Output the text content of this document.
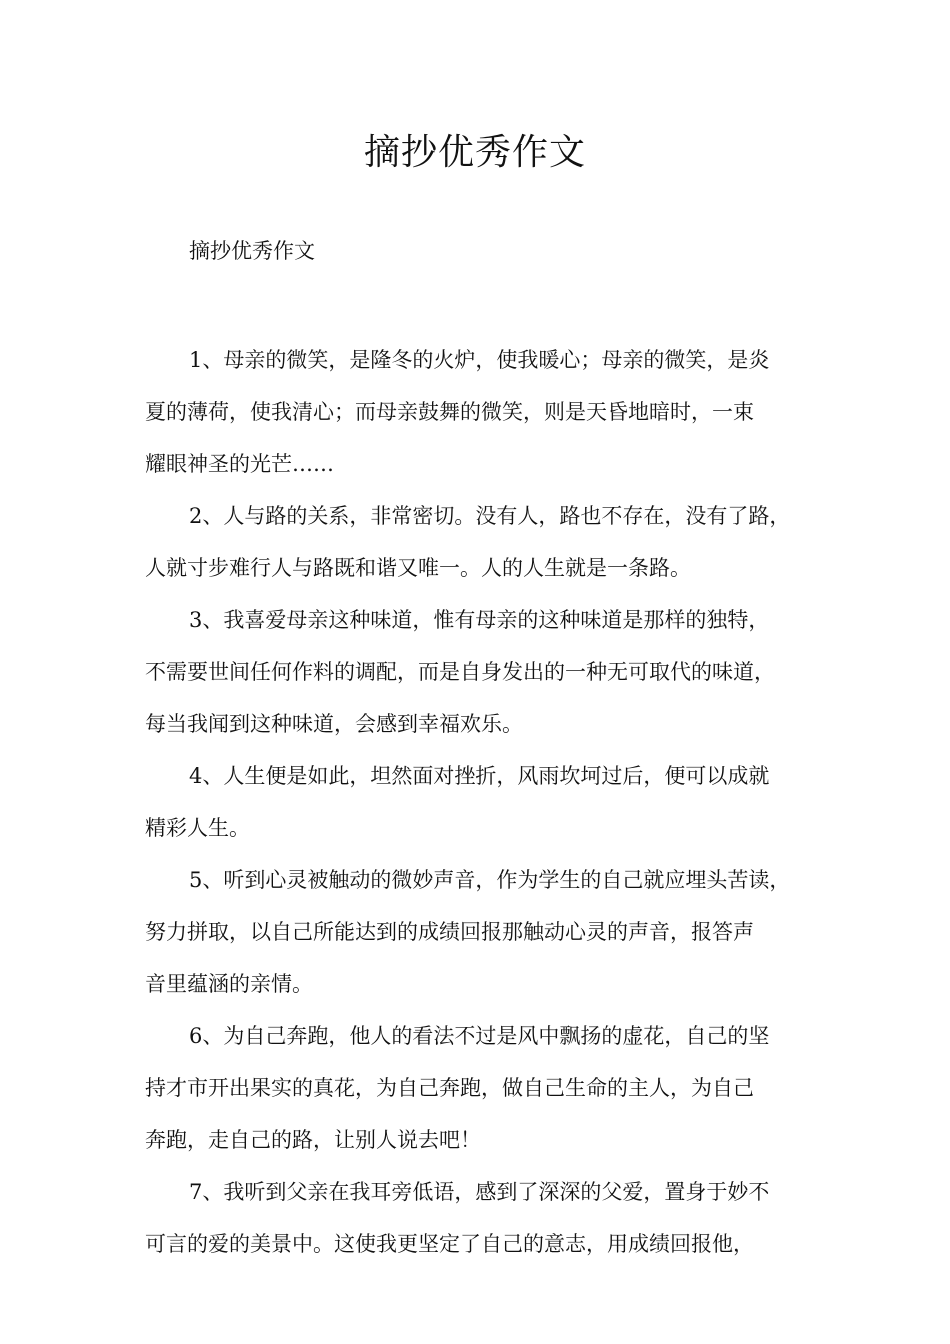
摘抄优秀作文
摘抄优秀作文

1、母亲的微笑，是隆冬的火炉，使我暖心；母亲的微笑，是炎
夏的薄荷，使我清心；而母亲鼓舞的微笑，则是天昏地暗时，一束
耀眼神圣的光芒……

2、人与路的关系，非常密切。没有人，路也不存在，没有了路，
人就寸步难行人与路既和谐又唯一。人的人生就是一条路。

3、我喜爱母亲这种味道，惟有母亲的这种味道是那样的独特，
不需要世间任何作料的调配，而是自身发出的一种无可取代的味道，
每当我闻到这种味道，会感到幸福欢乐。

4、人生便是如此，坦然面对挫折，风雨坎坷过后，便可以成就
精彩人生。

5、听到心灵被触动的微妙声音，作为学生的自己就应埋头苦读，
努力拼取，以自己所能达到的成绩回报那触动心灵的声音，报答声
音里蕴涵的亲情。

6、为自己奔跑，他人的看法不过是风中飘扬的虚花，自己的坚
持才市开出果实的真花，为自己奔跑，做自己生命的主人，为自己
奔跑，走自己的路，让别人说去吧！

7、我听到父亲在我耳旁低语，感到了深深的父爱，置身于妙不
可言的爱的美景中。这使我更坚定了自己的意志，用成绩回报他，
